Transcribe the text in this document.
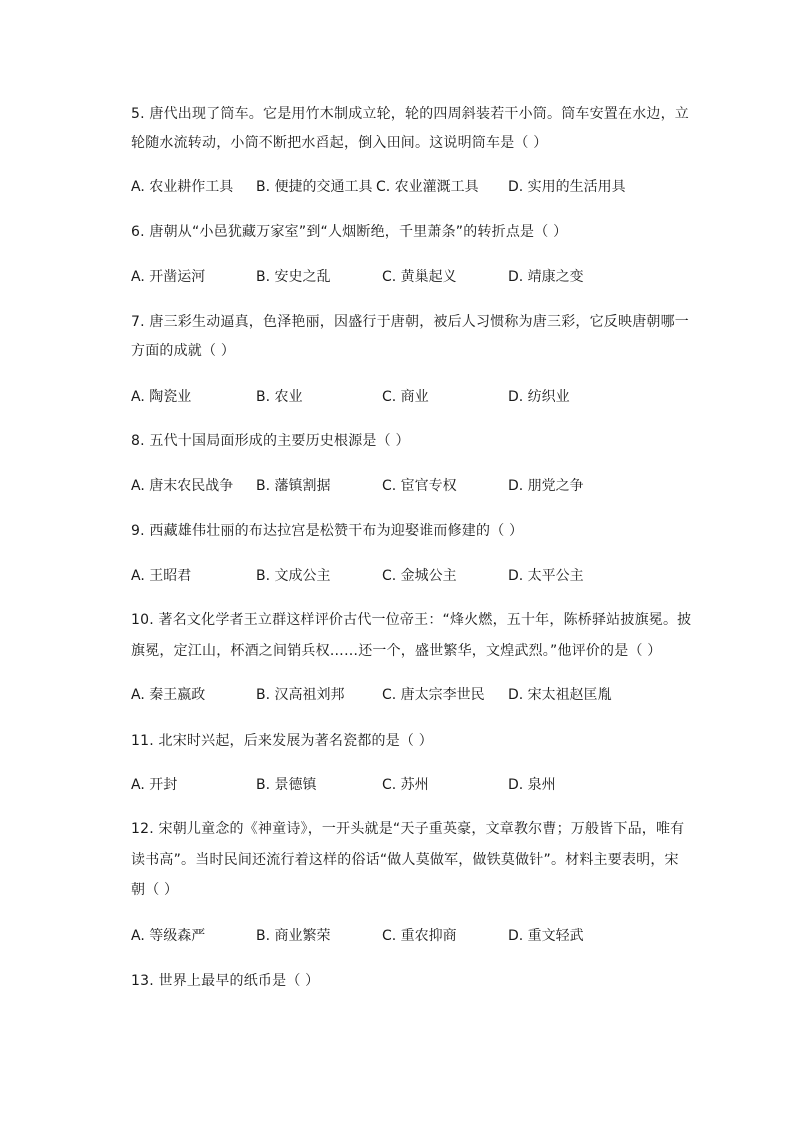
5. 唐代出现了筒车。它是用竹木制成立轮，轮的四周斜装若干小筒。筒车安置在水边，立
轮随水流转动，小筒不断把水舀起，倒入田间。这说明筒车是（ ）
A. 农业耕作工具 B. 便捷的交通工具 C. 农业灌溉工具 D. 实用的生活用具
6. 唐朝从“小邑犹藏万家室”到“人烟断绝，千里萧条”的转折点是（ ）
A. 开凿运河	B. 安史之乱	C. 黄巢起义	D. 靖康之变
7. 唐三彩生动逼真，色泽艳丽，因盛行于唐朝，被后人习惯称为唐三彩，它反映唐朝哪一
方面的成就（ ）
A. 陶瓷业	B. 农业	C. 商业	D. 纺织业
8. 五代十国局面形成的主要历史根源是（ ）
A. 唐末农民战争 B. 藩镇割据	C. 宦官专权	D. 朋党之争
9. 西藏雄伟壮丽的布达拉宫是松赞干布为迎娶谁而修建的（ ）
A. 王昭君	B. 文成公主	C. 金城公主	D. 太平公主
10. 著名文化学者王立群这样评价古代一位帝王：“烽火燃，五十年，陈桥驿站披旗冕。披
旗冕，定江山，杯酒之间销兵权……还一个，盛世繁华，文煌武烈。”他评价的是（ ）
A. 秦王嬴政	B. 汉高祖刘邦	C. 唐太宗李世民 D. 宋太祖赵匡胤
11. 北宋时兴起，后来发展为著名瓷都的是（ ）
A. 开封	B. 景德镇	C. 苏州	D. 泉州
12. 宋朝儿童念的《神童诗》，一开头就是“天子重英豪，文章教尔曹；万般皆下品，唯有
读书高”。当时民间还流行着这样的俗话“做人莫做军，做铁莫做针”。材料主要表明，宋
朝（ ）
A. 等级森严	B. 商业繁荣	C. 重农抑商	D. 重文轻武
13. 世界上最早的纸币是（ ）
